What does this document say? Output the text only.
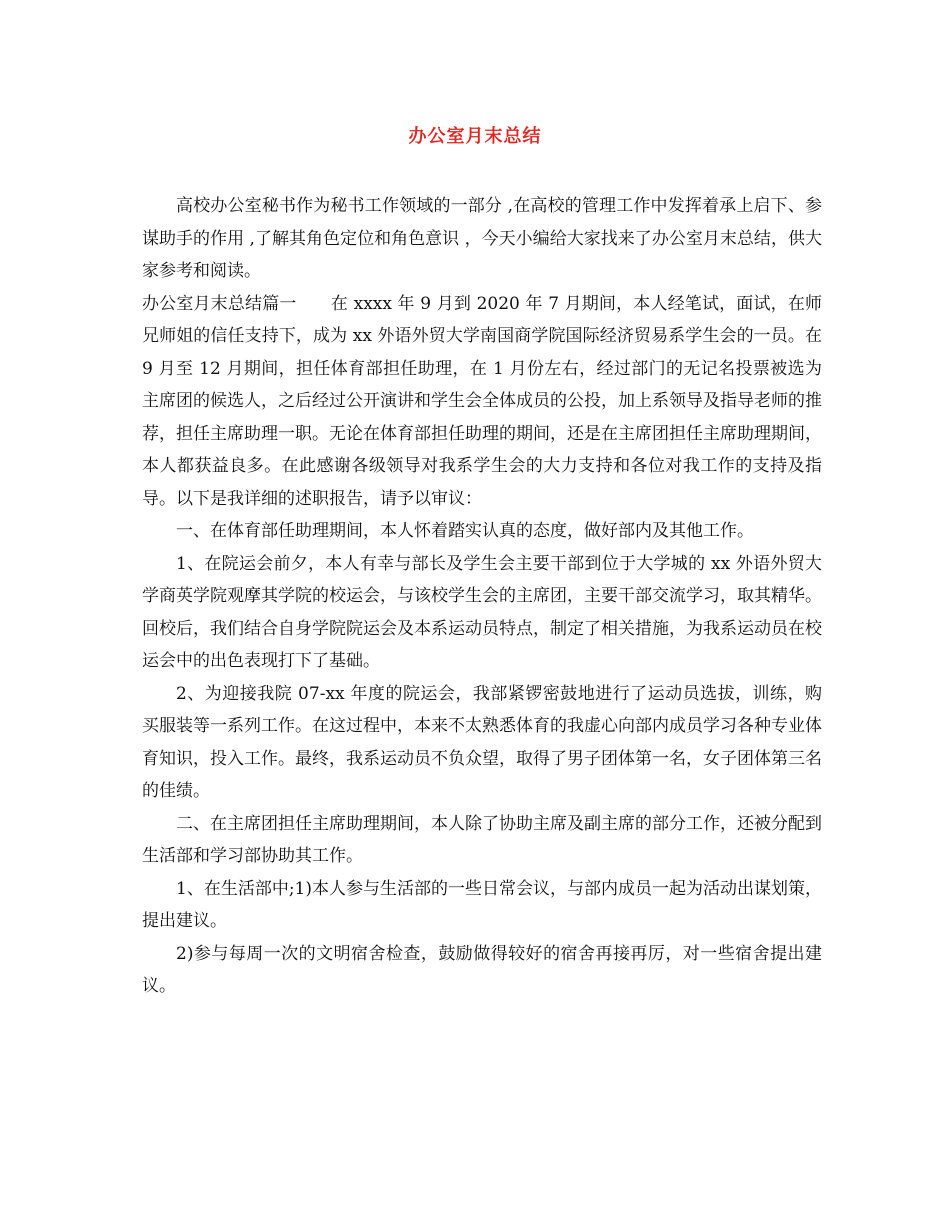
办公室月末总结

高校办公室秘书作为秘书工作领域的一部分 ,在高校的管理工作中发挥着承上启下、参谋助手的作用 ,了解其角色定位和角色意识 ，今天小编给大家找来了办公室月末总结，供大家参考和阅读。

办公室月末总结篇一　　在 xxxx 年 9 月到 2020 年 7 月期间，本人经笔试，面试，在师兄师姐的信任支持下，成为 xx 外语外贸大学南国商学院国际经济贸易系学生会的一员。在 9 月至 12 月期间，担任体育部担任助理，在 1 月份左右，经过部门的无记名投票被选为主席团的候选人，之后经过公开演讲和学生会全体成员的公投，加上系领导及指导老师的推荐，担任主席助理一职。无论在体育部担任助理的期间，还是在主席团担任主席助理期间，本人都获益良多。在此感谢各级领导对我系学生会的大力支持和各位对我工作的支持及指导。以下是我详细的述职报告，请予以审议：

一、在体育部任助理期间，本人怀着踏实认真的态度，做好部内及其他工作。

1、在院运会前夕，本人有幸与部长及学生会主要干部到位于大学城的 xx 外语外贸大学商英学院观摩其学院的校运会，与该校学生会的主席团，主要干部交流学习，取其精华。回校后，我们结合自身学院院运会及本系运动员特点，制定了相关措施，为我系运动员在校运会中的出色表现打下了基础。

2、为迎接我院 07-xx 年度的院运会，我部紧锣密鼓地进行了运动员选拔，训练，购买服装等一系列工作。在这过程中，本来不太熟悉体育的我虚心向部内成员学习各种专业体育知识，投入工作。最终，我系运动员不负众望，取得了男子团体第一名，女子团体第三名的佳绩。

二、在主席团担任主席助理期间，本人除了协助主席及副主席的部分工作，还被分配到生活部和学习部协助其工作。

1、在生活部中;1)本人参与生活部的一些日常会议，与部内成员一起为活动出谋划策，提出建议。

2)参与每周一次的文明宿舍检查，鼓励做得较好的宿舍再接再厉，对一些宿舍提出建议。
